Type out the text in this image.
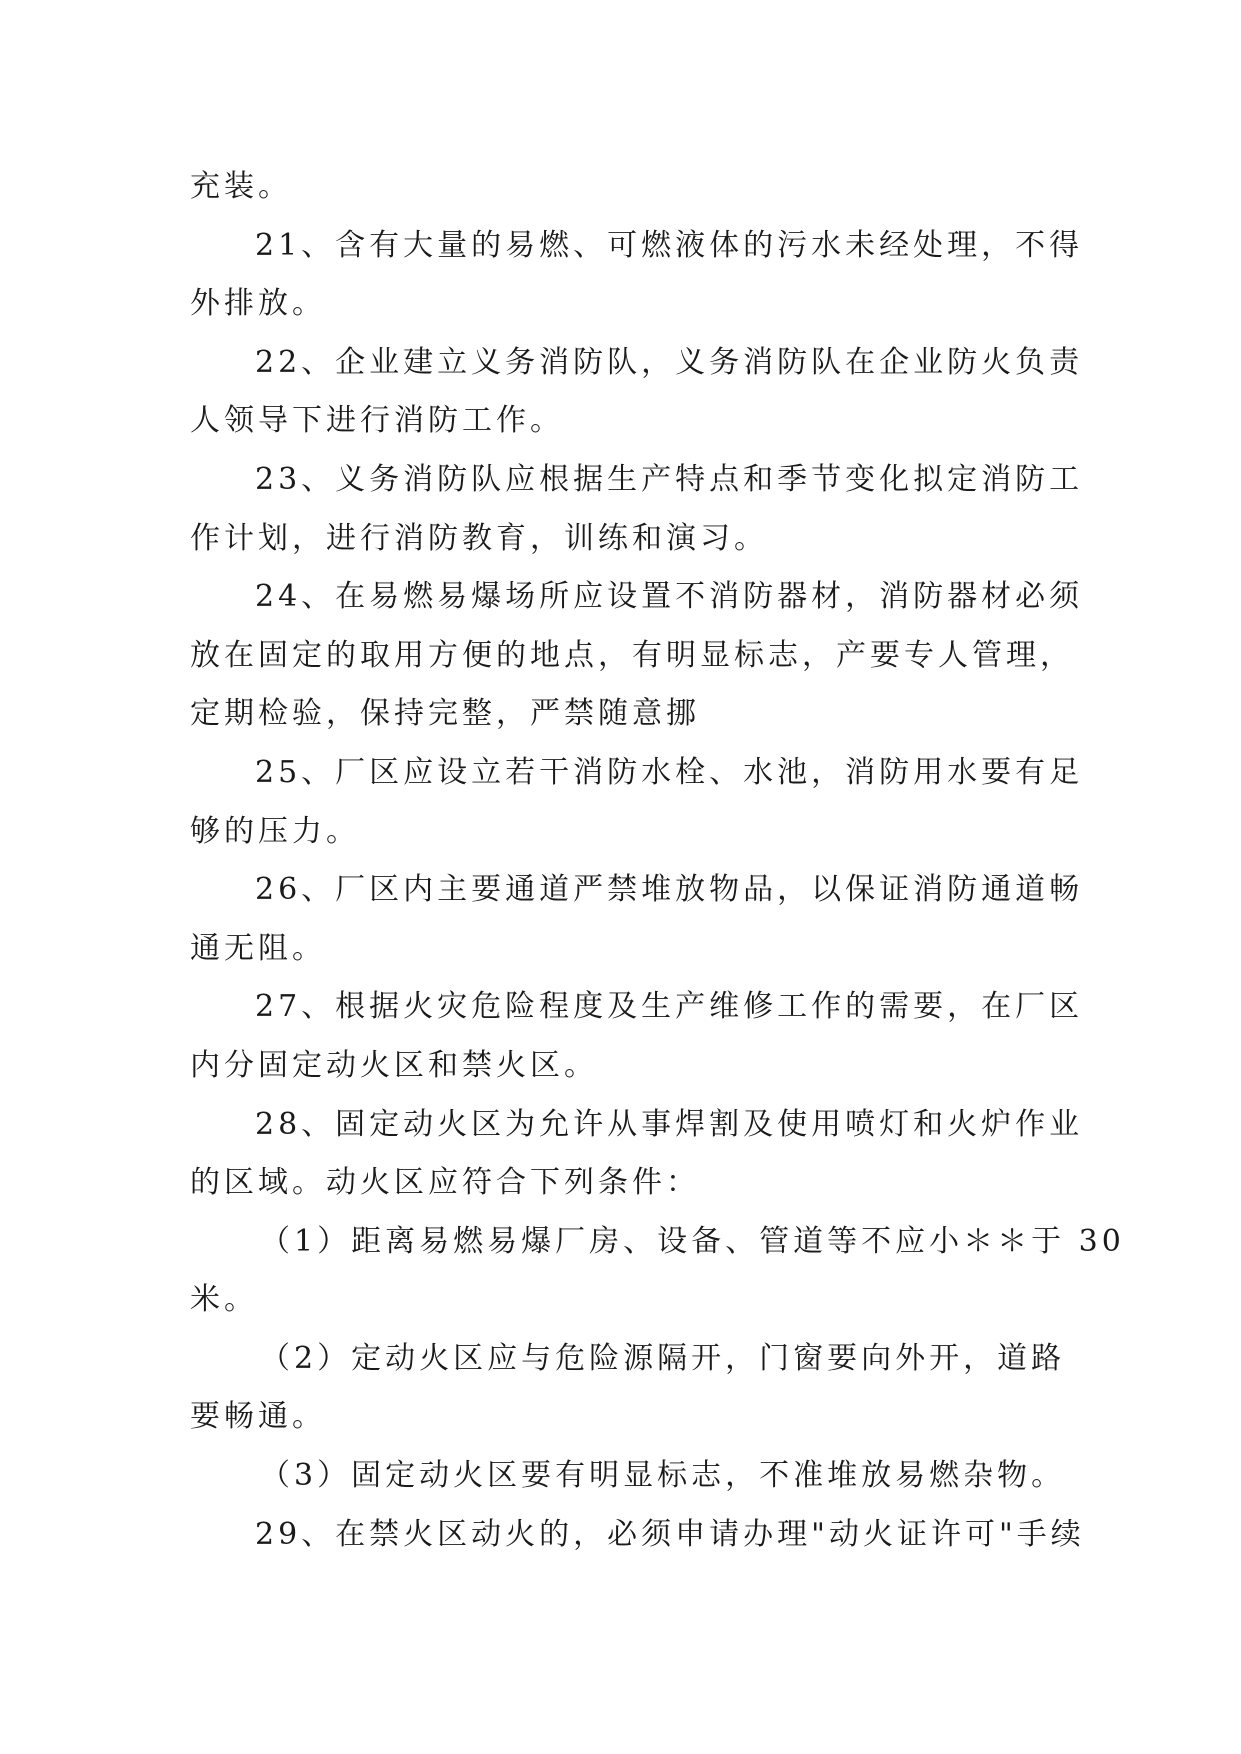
充装。
21、含有大量的易燃、可燃液体的污水未经处理，不得
外排放。
22、企业建立义务消防队，义务消防队在企业防火负责
人领导下进行消防工作。
23、义务消防队应根据生产特点和季节变化拟定消防工
作计划，进行消防教育，训练和演习。
24、在易燃易爆场所应设置不消防器材，消防器材必须
放在固定的取用方便的地点，有明显标志，产要专人管理，
定期检验，保持完整，严禁随意挪
25、厂区应设立若干消防水栓、水池，消防用水要有足
够的压力。
26、厂区内主要通道严禁堆放物品，以保证消防通道畅
通无阻。
27、根据火灾危险程度及生产维修工作的需要，在厂区
内分固定动火区和禁火区。
28、固定动火区为允许从事焊割及使用喷灯和火炉作业
的区域。动火区应符合下列条件：
（1）距离易燃易爆厂房、设备、管道等不应小＊＊于 30
米。
（2）定动火区应与危险源隔开，门窗要向外开，道路
要畅通。
（3）固定动火区要有明显标志，不准堆放易燃杂物。
29、在禁火区动火的，必须申请办理"动火证许可"手续
